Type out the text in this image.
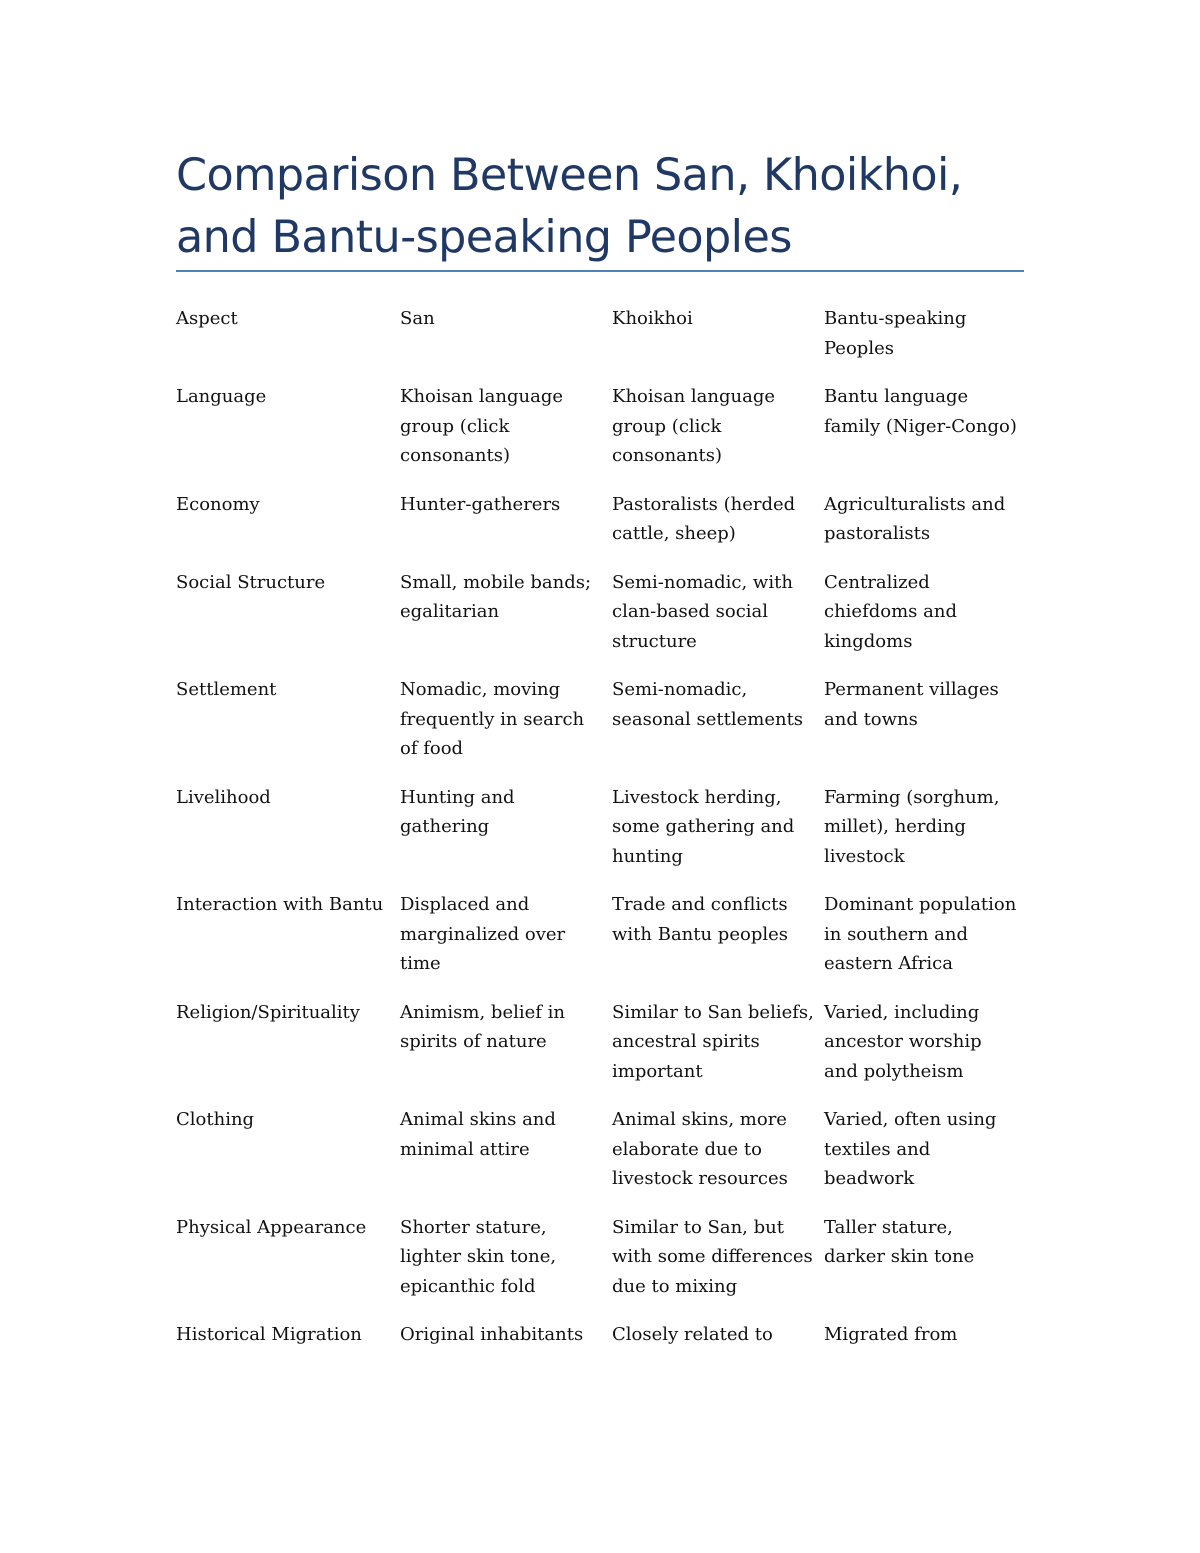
Comparison Between San, Khoikhoi, and Bantu-speaking Peoples
Aspect	San	Khoikhoi	Bantu-speaking Peoples
Language	Khoisan language group (click consonants)	Khoisan language group (click consonants)	Bantu language family (Niger-Congo)
Economy	Hunter-gatherers	Pastoralists (herded cattle, sheep)	Agriculturalists and pastoralists
Social Structure	Small, mobile bands; egalitarian	Semi-nomadic, with clan-based social structure	Centralized chiefdoms and kingdoms
Settlement	Nomadic, moving frequently in search of food	Semi-nomadic, seasonal settlements	Permanent villages and towns
Livelihood	Hunting and gathering	Livestock herding, some gathering and hunting	Farming (sorghum, millet), herding livestock
Interaction with Bantu	Displaced and marginalized over time	Trade and conflicts with Bantu peoples	Dominant population in southern and eastern Africa
Religion/Spirituality	Animism, belief in spirits of nature	Similar to San beliefs, ancestral spirits important	Varied, including ancestor worship and polytheism
Clothing	Animal skins and minimal attire	Animal skins, more elaborate due to livestock resources	Varied, often using textiles and beadwork
Physical Appearance	Shorter stature, lighter skin tone, epicanthic fold	Similar to San, but with some differences due to mixing	Taller stature, darker skin tone
Historical Migration	Original inhabitants	Closely related to	Migrated from
